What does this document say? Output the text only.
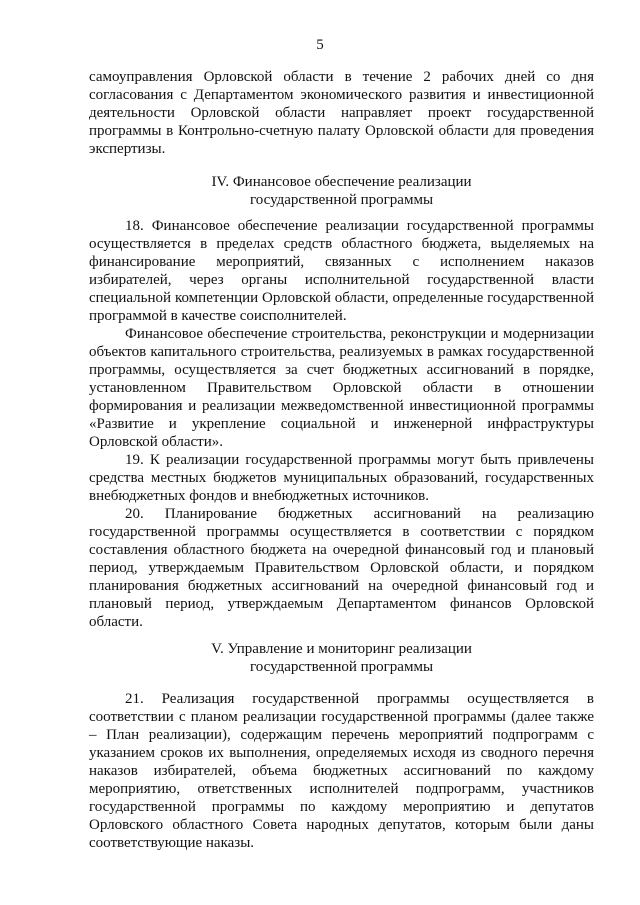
5

самоуправления Орловской области в течение 2 рабочих дней со дня согласования с Департаментом экономического развития и инвестиционной деятельности Орловской области направляет проект государственной программы в Контрольно-счетную палату Орловской области для проведения экспертизы.

IV. Финансовое обеспечение реализации

государственной программы

18. Финансовое обеспечение реализации государственной программы осуществляется в пределах средств областного бюджета, выделяемых на финансирование мероприятий, связанных с исполнением наказов избирателей, через органы исполнительной государственной власти специальной компетенции Орловской области, определенные государственной программой в качестве соисполнителей.

Финансовое обеспечение строительства, реконструкции и модернизации объектов капитального строительства, реализуемых в рамках государственной программы, осуществляется за счет бюджетных ассигнований в порядке, установленном Правительством Орловской области в отношении формирования и реализации межведомственной инвестиционной программы «Развитие и укрепление социальной и инженерной инфраструктуры Орловской области».

19. К реализации государственной программы могут быть привлечены средства местных бюджетов муниципальных образований, государственных внебюджетных фондов и внебюджетных источников.

20. Планирование бюджетных ассигнований на реализацию государственной программы осуществляется в соответствии с порядком составления областного бюджета на очередной финансовый год и плановый период, утверждаемым Правительством Орловской области, и порядком планирования бюджетных ассигнований на очередной финансовый год и плановый период, утверждаемым Департаментом финансов Орловской области.

V. Управление и мониторинг реализации

государственной программы

21. Реализация государственной программы осуществляется в соответствии с планом реализации государственной программы (далее также – План реализации), содержащим перечень мероприятий подпрограмм с указанием сроков их выполнения, определяемых исходя из сводного перечня наказов избирателей, объема бюджетных ассигнований по каждому мероприятию, ответственных исполнителей подпрограмм, участников государственной программы по каждому мероприятию и депутатов Орловского областного Совета народных депутатов, которым были даны соответствующие наказы.
